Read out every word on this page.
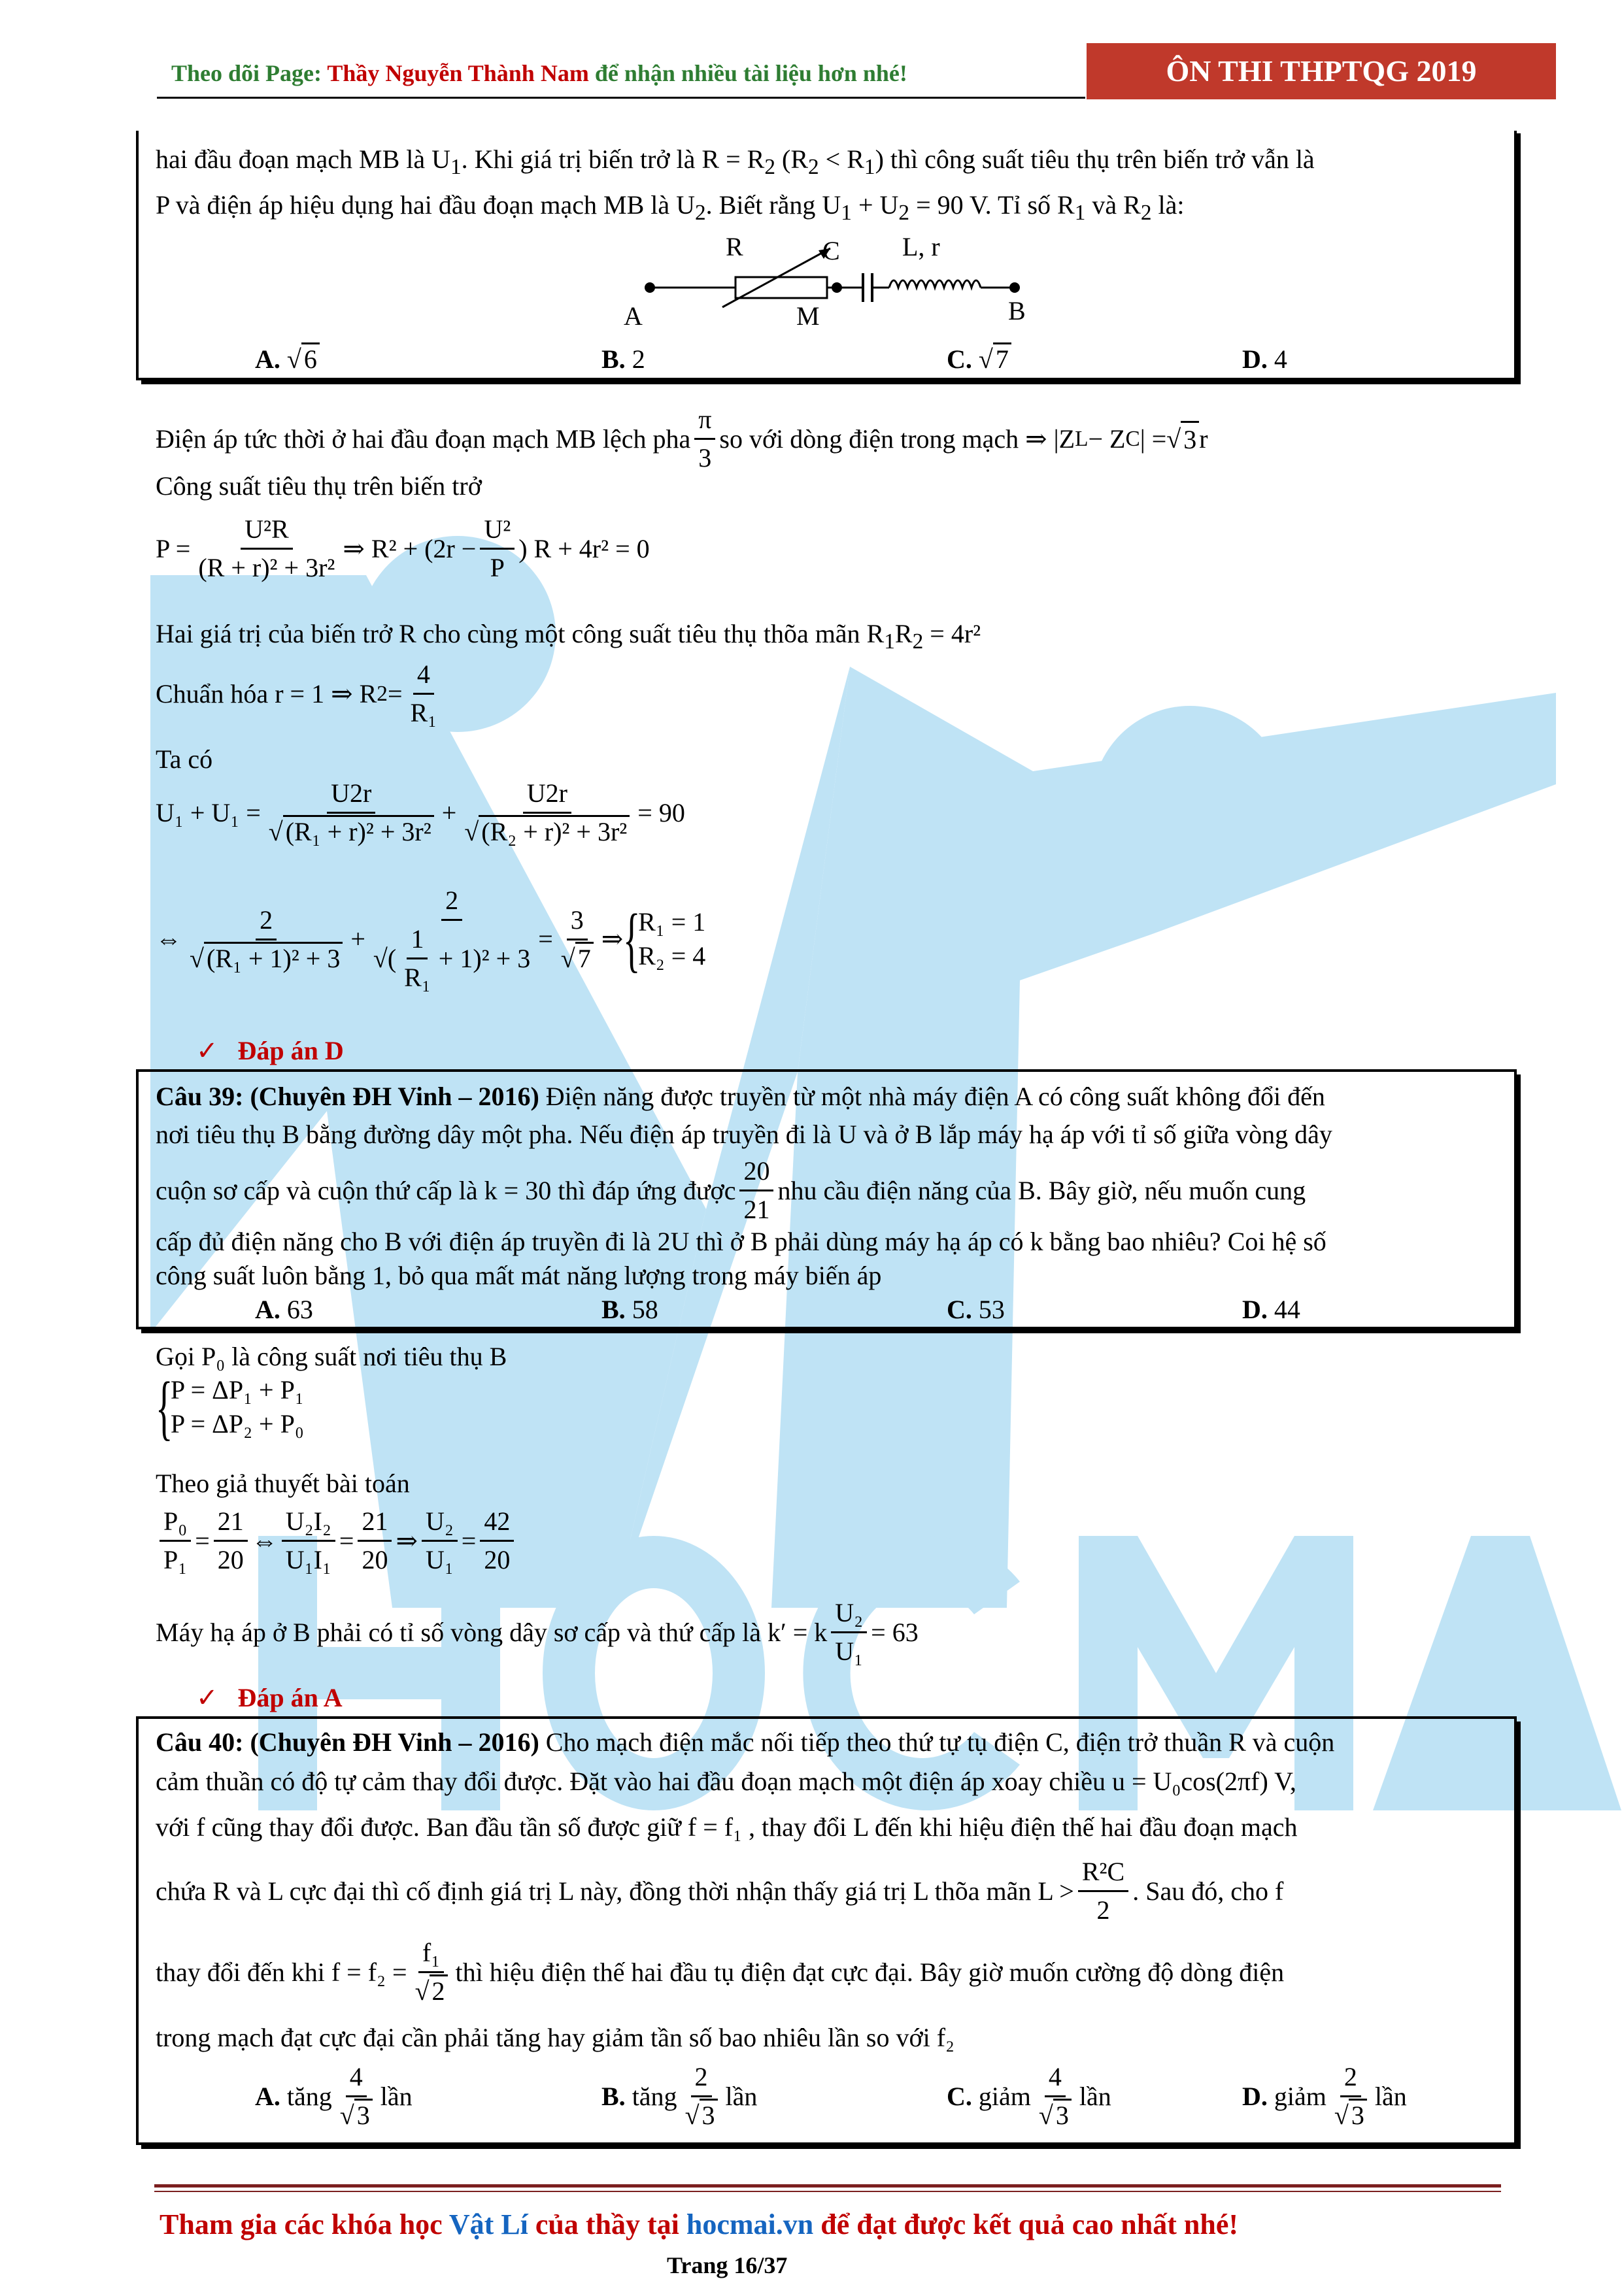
Theo dõi Page: Thầy Nguyễn Thành Nam để nhận nhiều tài liệu hơn nhé!	ÔN THI THPTQG 2019
hai đầu đoạn mạch MB là $U_1$. Khi giá trị biến trở là $R = R_2$ $(R_2 < R_1)$ thì công suất tiêu thụ trên biến trở vẫn là
P và điện áp hiệu dụng hai đầu đoạn mạch MB là $U_2$. Biết rằng $U_1 + U_2 = 90$ V. Tỉ số $R_1$ và $R_2$ là:
R	C L, r
A	M	B
A. √ 6	B. 2	C. √ 7	D. 4
Điện áp tức thời ở hai đầu đoạn mạch MB lệch pha $\frac{\pi}{3}$ so với dòng điện trong mạch ⇒ |Z L − Z C | = √ 3 r
Công suất tiêu thụ trên biến trở
$P = \frac{\text{U²R}}{\text{(R + r)² + 3r²}}$ ⇒ $R^2 + (2r - \frac{\text{U²}}{P}$ ) R + 4r² = 0
Hai giá trị của biến trở R cho cùng một công suất tiêu thụ thõa mãn $R_1R_2 = 4r^2$
Chuẩn hóa r = 1 ⇒ R $2 = \frac{4}{\text{R₁}}$
Ta có
$U_1 + U_1 = \frac{U2r}{\text{√ (R₁ + r)² + 3r²}} + \frac{U2r}{\text{√ (R₂ + r)² + 3r²}} = 90$
⇔ $\frac{2}{\text{√ (R₁ + 1)² + 3}} + \frac{2}{√( \frac{1}{\text{R₁}} + 1)^2 + 3} = \frac{3}{√ 7}$ ⇒ {
R₁ = 1
R₂ = 4
✓ Đáp án D
Câu 39: (Chuyên ĐH Vinh – 2016) Điện năng được truyền từ một nhà máy điện A có công suất không đổi đến
nơi tiêu thụ B bằng đường dây một pha. Nếu điện áp truyền đi là U và ở B lắp máy hạ áp với tỉ số giữa vòng dây
cuộn sơ cấp và cuộn thứ cấp là k = 30 thì đáp ứng được $\frac{20}{21}$ nhu cầu điện năng của B. Bây giờ, nếu muốn cung
cấp đủ điện năng cho B với điện áp truyền đi là 2U thì ở B phải dùng máy hạ áp có k bằng bao nhiêu? Coi hệ số
công suất luôn bằng 1, bỏ qua mất mát năng lượng trong máy biến áp
A. 63	B. 58	C. 53	D. 44
Gọi P₀ là công suất nơi tiêu thụ B
{
P = ΔP₁ + P₁
P = ΔP₂ + P₀
Theo giả thuyết bài toán
$\frac{\text{P₀}}{\text{P₁}} = \frac{21}{20}$ ⇔ $\frac{\text{U₂I₂}}{\text{U₁I₁}} = \frac{21}{20}$ ⇒ $\frac{\text{U₂}}{\text{U₁}} = \frac{42}{20}$
Máy hạ áp ở B phải có tỉ số vòng dây sơ cấp và thứ cấp là k′ = k $\frac{\text{U₂}}{\text{U₁}} = 63$
✓ Đáp án A
Câu 40: (Chuyên ĐH Vinh – 2016) Cho mạch điện mắc nối tiếp theo thứ tự tụ điện C, điện trở thuần R và cuộn
cảm thuần có độ tự cảm thay đổi được. Đặt vào hai đầu đoạn mạch một điện áp xoay chiều u = U₀cos(2πf) V,
với f cũng thay đổi được. Ban đầu tần số được giữ f = f₁ , thay đổi L đến khi hiệu điện thế hai đầu đoạn mạch
chứa R và L cực đại thì cố định giá trị L này, đồng thời nhận thấy giá trị L thõa mãn $L > \frac{\text{R²C}}{2}$ . Sau đó, cho f
thay đổi đến khi $f = f_2 = \frac{\text{f₁}}{√ 2}$ thì hiệu điện thế hai đầu tụ điện đạt cực đại. Bây giờ muốn cường độ dòng điện
trong mạch đạt cực đại cần phải tăng hay giảm tần số bao nhiêu lần so với f₂
A.
tăng $\frac{4}{√ 3}$ lần	B.
tăng $\frac{2}{√ 3}$ lần	C.
giảm $\frac{4}{√ 3}$ lần	D.
giảm $\frac{2}{√ 3}$ lần
Tham gia các khóa học Vật Lí của thầy tại hocmai.vn để đạt được kết quả cao nhất nhé!
Trang 16/37
